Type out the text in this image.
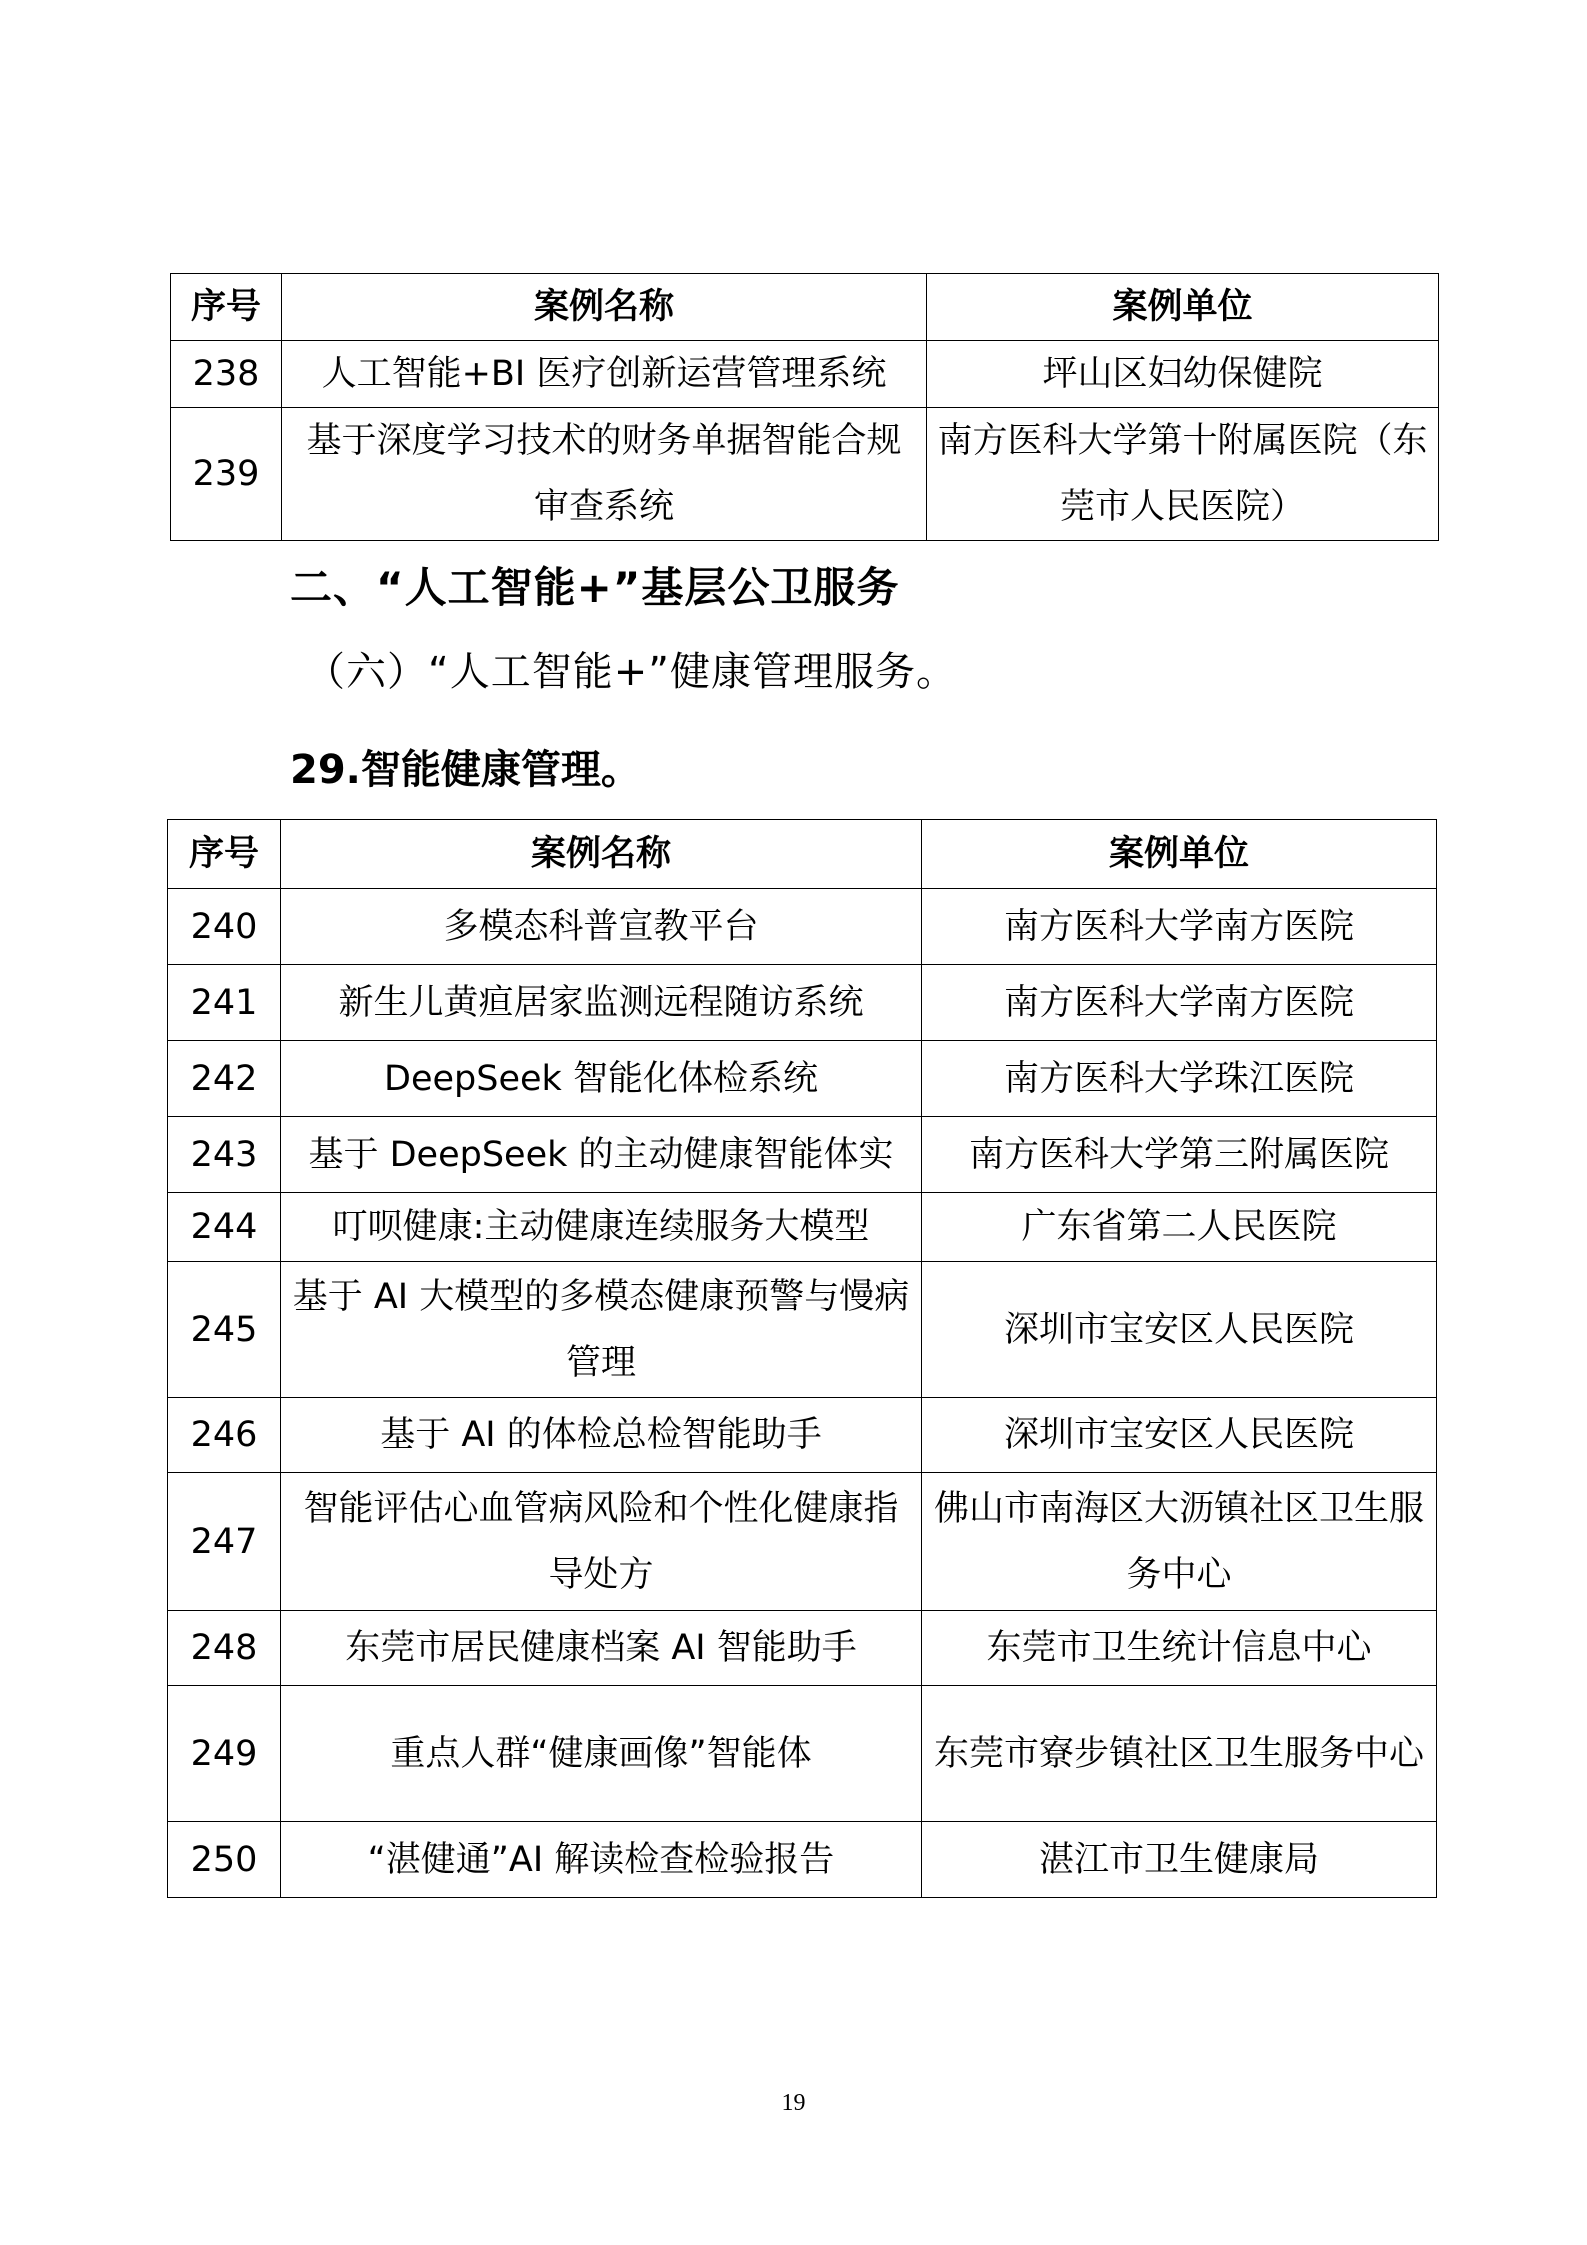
序号	案例名称	案例单位
238	人工智能+BI 医疗创新运营管理系统	坪山区妇幼保健院
239	基于深度学习技术的财务单据智能合规审查系统	南方医科大学第十附属医院（东莞市人民医院）
二、“人工智能+”基层公卫服务
（六）“人工智能+”健康管理服务。
29.智能健康管理。
序号	案例名称	案例单位
240	多模态科普宣教平台	南方医科大学南方医院
241	新生儿黄疸居家监测远程随访系统	南方医科大学南方医院
242	DeepSeek 智能化体检系统	南方医科大学珠江医院
243	基于 DeepSeek 的主动健康智能体实	南方医科大学第三附属医院
244	叮呗健康:主动健康连续服务大模型	广东省第二人民医院
245	基于 AI 大模型的多模态健康预警与慢病管理	深圳市宝安区人民医院
246	基于 AI 的体检总检智能助手	深圳市宝安区人民医院
247	智能评估心血管病风险和个性化健康指导处方	佛山市南海区大沥镇社区卫生服务中心
248	东莞市居民健康档案 AI 智能助手	东莞市卫生统计信息中心
249	重点人群“健康画像”智能体	东莞市寮步镇社区卫生服务中心
250	“湛健通”AI 解读检查检验报告	湛江市卫生健康局
19
